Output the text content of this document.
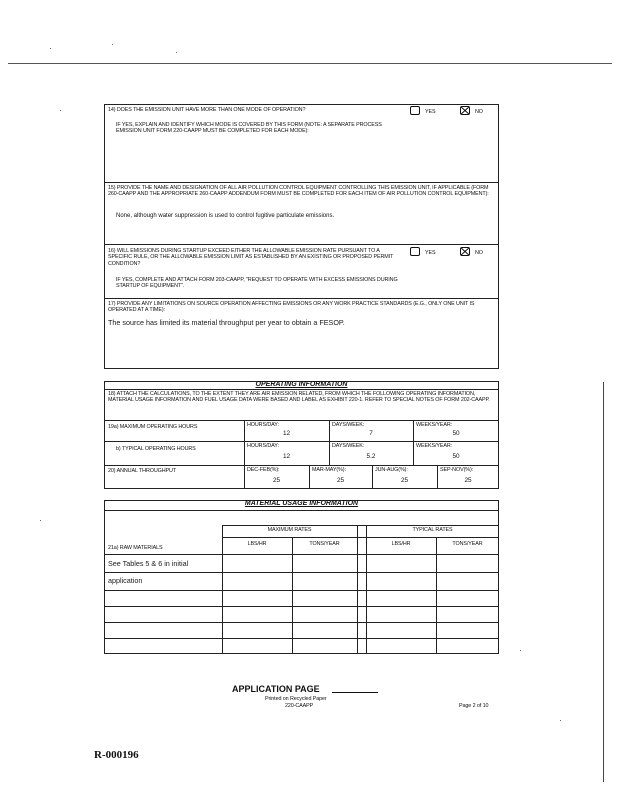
14) DOES THE EMISSION UNIT HAVE MORE THAN ONE MODE OF OPERATION?	YES	NO
IF YES, EXPLAIN AND IDENTIFY WHICH MODE IS COVERED BY THIS FORM (NOTE: A SEPARATE PROCESS EMISSION UNIT FORM 220-CAAPP MUST BE COMPLETED FOR EACH MODE):
15) PROVIDE THE NAME AND DESIGNATION OF ALL AIR POLLUTION CONTROL EQUIPMENT CONTROLLING THIS EMISSION UNIT, IF APPLICABLE (FORM 260-CAAPP AND THE APPROPRIATE 260-CAAPP ADDENDUM FORM MUST BE COMPLETED FOR EACH ITEM OF AIR POLLUTION CONTROL EQUIPMENT):
None, although water suppression is used to control fugitive particulate emissions.
16) WILL EMISSIONS DURING STARTUP EXCEED EITHER THE ALLOWABLE EMISSION RATE PURSUANT TO A SPECIFIC RULE, OR THE ALLOWABLE EMISSION LIMIT AS ESTABLISHED BY AN EXISTING OR PROPOSED PERMIT CONDITION?
YES	NO
IF YES, COMPLETE AND ATTACH FORM 203-CAAPP, "REQUEST TO OPERATE WITH EXCESS EMISSIONS DURING STARTUP OF EQUIPMENT".
17) PROVIDE ANY LIMITATIONS ON SOURCE OPERATION AFFECTING EMISSIONS OR ANY WORK PRACTICE STANDARDS (E.G., ONLY ONE UNIT IS OPERATED AT A TIME):
The source has limited its material throughput per year to obtain a FESOP.
OPERATING INFORMATION
18) ATTACH THE CALCULATIONS, TO THE EXTENT THEY ARE AIR EMISSION RELATED, FROM WHICH THE FOLLOWING OPERATING INFORMATION, MATERIAL USAGE INFORMATION AND FUEL USAGE DATA WERE BASED AND LABEL AS EXHIBIT 220-1. REFER TO SPECIAL NOTES OF FORM 202-CAAPP.
19a) MAXIMUM OPERATING HOURS	HOURS/DAY:	DAYS/WEEK:	WEEKS/YEAR:
12	7	50
b) TYPICAL OPERATING HOURS	HOURS/DAY:	DAYS/WEEK:	WEEKS/YEAR:
12	5.2	50
20) ANNUAL THROUGHPUT	DEC-FEB(%):	MAR-MAY(%):	JUN-AUG(%):	SEP-NOV(%):
25	25	25	25
MATERIAL USAGE INFORMATION
MAXIMUM RATES	TYPICAL RATES
21a) RAW MATERIALS
LBS/HR	TONS/YEAR	LBS/HR	TONS/YEAR
See Tables 5 & 6 in initial
application
APPLICATION PAGE
Printed on Recycled Paper
220-CAAPP	Page 2 of 10
R-000196
